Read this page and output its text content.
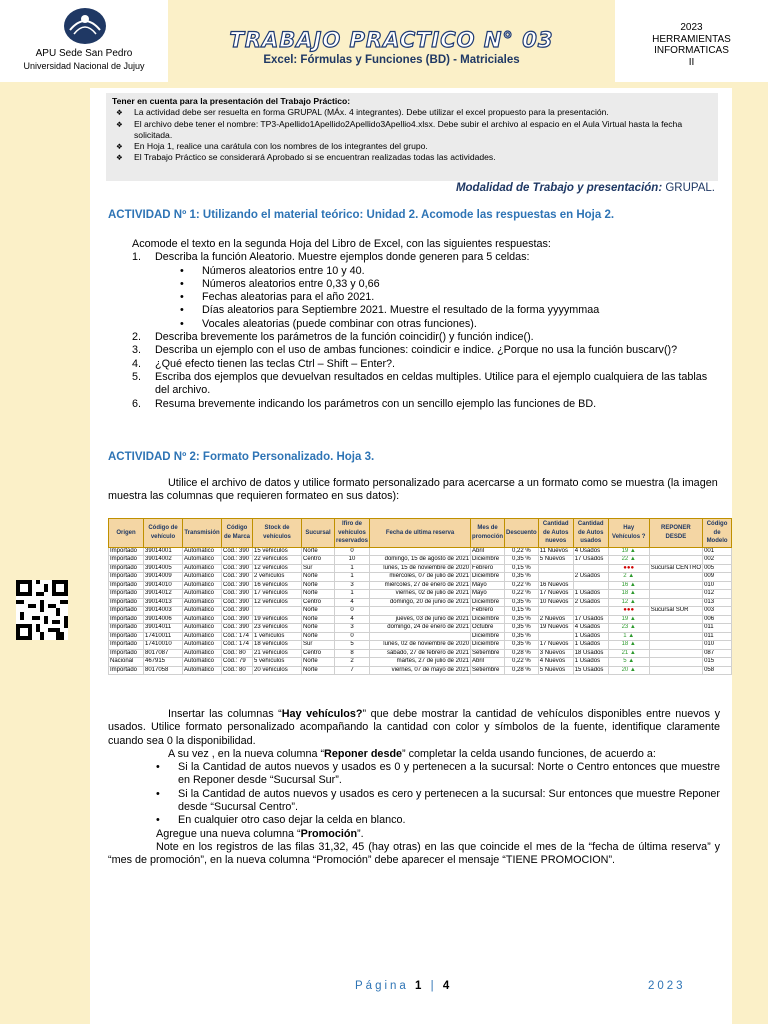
APU Sede San Pedro
Universidad Nacional de Jujuy
TRABAJO PRACTICO N° 03
Excel: Fórmulas y Funciones (BD) - Matriciales
2023
HERRAMIENTAS
INFORMATICAS
II
Tener en cuenta para la presentación del Trabajo Práctico:
❖ La actividad debe ser resuelta en forma GRUPAL (MÁx. 4 integrantes). Debe utilizar el excel propuesto para la presentación.
❖ El archivo debe tener el nombre: TP3-Apellido1Apellido2Apellido3Apellio4.xlsx. Debe subir el archivo al espacio en el Aula Virtual hasta la fecha solicitada.
❖ En Hoja 1, realice una carátula con los nombres de los integrantes del grupo.
❖ El Trabajo Práctico se considerará Aprobado si se encuentran realizadas todas las actividades.
Modalidad de Trabajo y presentación: GRUPAL.
ACTIVIDAD Nº 1: Utilizando el material teórico: Unidad 2. Acomode las respuestas en Hoja 2.
Acomode el texto en la segunda Hoja del Libro de Excel, con las siguientes respuestas:
1. Describa la función Aleatorio. Muestre ejemplos donde generen para 5 celdas:
• Números aleatorios entre 10 y 40.
• Números aleatorios entre 0,33 y 0,66
• Fechas aleatorias para el año 2021.
• Días aleatorios para Septiembre 2021. Muestre el resultado de la forma yyyymmaa
• Vocales aleatorias (puede combinar con otras funciones).
2. Describa brevemente los parámetros de la función coincidir() y función indice().
3. Describa un ejemplo con el uso de ambas funciones: coindicir e indice. ¿Porque no usa la función buscarv()?
4. ¿Qué efecto tienen las teclas Ctrl – Shift – Enter?.
5. Escriba dos ejemplos que devuelvan resultados en celdas multiples. Utilice para el ejemplo cualquiera de las tablas del archivo.
6. Resuma brevemente indicando los parámetros con un sencillo ejemplo las funciones de BD.
ACTIVIDAD Nº 2: Formato Personalizado. Hoja 3.
Utilice el archivo de datos y utilice formato personalizado para acercarse a un formato como se muestra (la imagen muestra las columnas que requieren formateo en sus datos):
Origen	Código de vehículo	Transmisión	Código de Marca	Stock de vehículos	Sucursal	lfiro de vehículos reservados	Fecha de ultima reserva	Mes de promoción	Descuento	Cantidad de Autos nuevos	Cantidad de Autos usados	Hay Vehículos ?	REPONER DESDE	Código de Modelo
Importado	39014001	Automatico	Cód.: 390	15 vehículos	Norte	0		Abril	0,22 %	11 Nuevos	4 Usados	19 ▲		001
Importado	39014002	Automatico	Cód.: 390	22 vehículos	Centro	10	domingo, 15 de agosto de 2021	Diciembre	0,35 %	5 Nuevos	17 Usados	22 ▲		002
Importado	39014005	Automatico	Cód.: 390	12 vehículos	Sur	1	lunes, 15 de noviembre de 2020	Febrero	0,15 %			●●●	Sucursal CENTRO	005
Importado	39014009	Automatico	Cód.: 390	2 vehículos	Norte	1	miércoles, 07 de julio de 2021	Diciembre	0,35 %		2 Usados	2 ▲		009
Importado	39014010	Automatico	Cód.: 390	16 vehículos	Norte	3	miércoles, 27 de enero de 2021	Mayo	0,22 %	16 Nuevos		16 ▲		010
Importado	39014012	Automatico	Cód.: 390	17 vehículos	Norte	1	viernes, 02 de julio de 2021	Mayo	0,22 %	17 Nuevos	1 Usados	18 ▲		012
Importado	39014013	Automatico	Cód.: 390	12 vehículos	Centro	4	domingo, 20 de junio de 2021	Diciembre	0,35 %	10 Nuevos	2 Usados	12 ▲		013
Importado	39014003	Automatico	Cód.: 390		Norte	0		Febrero	0,15 %			●●●	Sucursal SUR	003
Importado	39014006	Automatico	Cód.: 390	19 vehículos	Norte	4	jueves, 03 de junio de 2021	Diciembre	0,35 %	2 Nuevos	17 Usados	19 ▲		006
Importado	39014011	Automatico	Cód.: 390	23 vehículos	Norte	3	domingo, 24 de enero de 2021	Octubre	0,35 %	19 Nuevos	4 Usados	23 ▲		011
Importado	17410011	Automatico	Cód.: 174	1 vehículos	Norte	0		Diciembre	0,35 %		1 Usados	1 ▲		011
Importado	17410010	Automatico	Cód.: 174	18 vehículos	Sur	5	lunes, 02 de noviembre de 2020	Diciembre	0,35 %	17 Nuevos	1 Usados	18 ▲		010
Importado	8017087	Automatico	Cód.: 80	21 vehículos	Centro	8	sábado, 27 de febrero de 2021	Setiembre	0,28 %	3 Nuevos	18 Usados	21 ▲		087
Nacional	467915	Automatico	Cód.: 79	5 vehículos	Norte	2	martes, 27 de julio de 2021	Abril	0,22 %	4 Nuevos	1 Usados	5 ▲		015
Importado	8017058	Automatico	Cód.: 80	20 vehículos	Norte	7	viernes, 07 de mayo de 2021	Setiembre	0,28 %	5 Nuevos	15 Usados	20 ▲		058
Insertar las columnas “Hay vehículos?” que debe mostrar la cantidad de vehículos disponibles entre nuevos y usados. Utilice formato personalizado acompañando la cantidad con color y símbolos de la fuente, identifique claramente cuando sea 0 la disponibilidad.
A su vez , en la nueva columna “Reponer desde” completar la celda usando funciones, de acuerdo a:
• Si la Cantidad de autos nuevos y usados es 0 y pertenecen a la sucursal: Norte o Centro entonces que muestre en Reponer desde “Sucursal Sur”.
• Si la Cantidad de autos nuevos y usados es cero y pertenecen a la sucursal: Sur entonces que muestre Reponer desde “Sucursal Centro”.
• En cualquier otro caso dejar la celda en blanco.
Agregue una nueva columna “Promoción”.
Note en los registros de las filas 31,32, 45 (hay otras) en las que coincide el mes de la “fecha de última reserva” y “mes de promoción”, en la nueva columna “Promoción” debe aparecer el mensaje “TIENE PROMOCION”.
Página 1 | 4	2023
